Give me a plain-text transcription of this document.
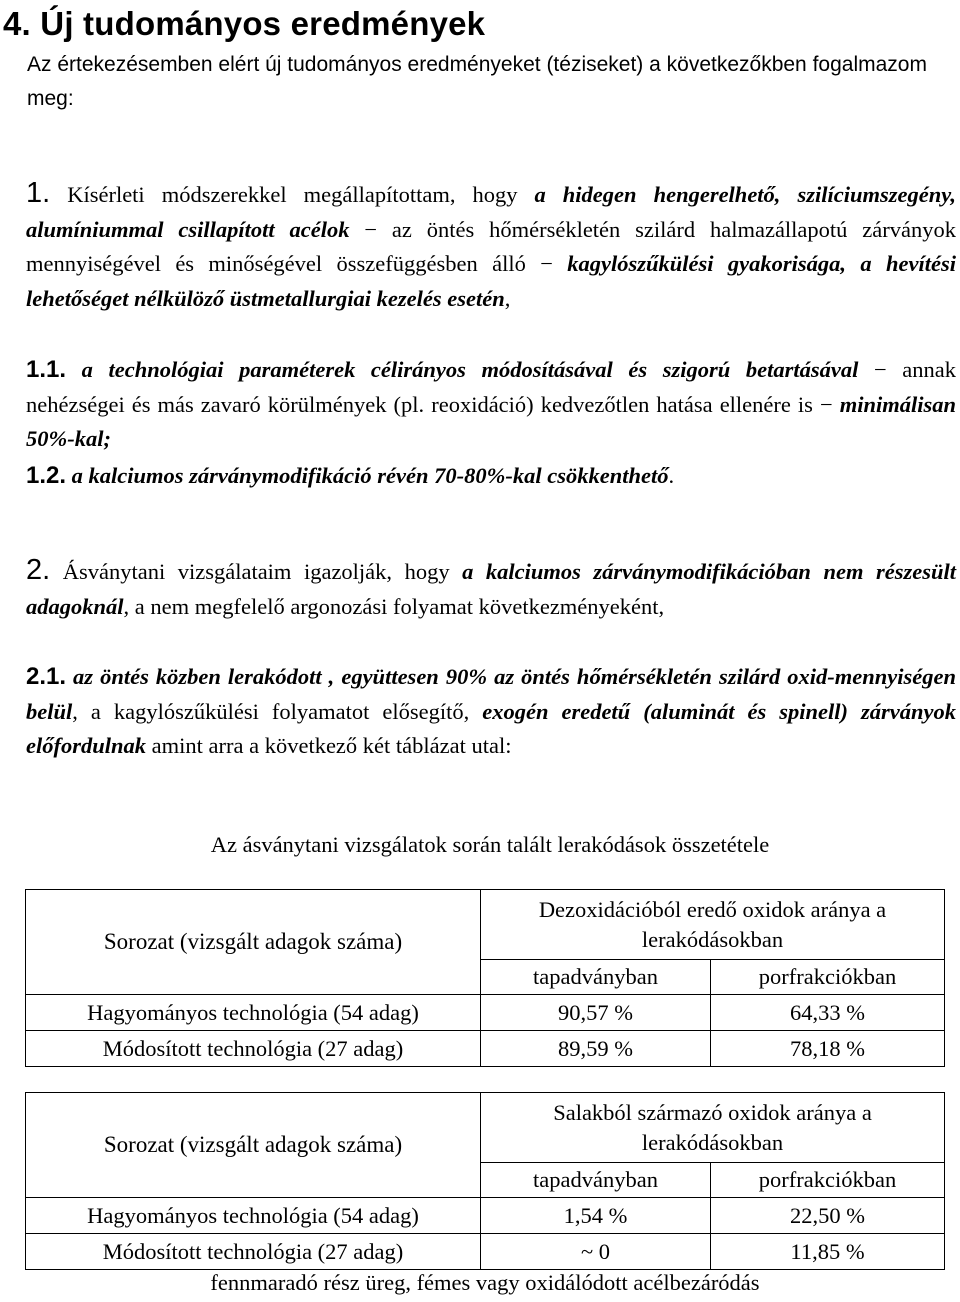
4. Új tudományos eredmények

Az értekezésemben elért új tudományos eredményeket (téziseket) a következőkben fogalmazom meg:

1. Kísérleti módszerekkel megállapítottam, hogy a hidegen hengerelhető, szilíciumszegény, alumíniummal csillapított acélok − az öntés hőmérsékletén szilárd halmazállapotú zárványok mennyiségével és minőségével összefüggésben álló − kagylószűkülési gyakorisága, a hevítési lehetőséget nélkülöző üstmetallurgiai kezelés esetén,

1.1. a technológiai paraméterek célirányos módosításával és szigorú betartásával − annak nehézségei és más zavaró körülmények (pl. reoxidáció) kedvezőtlen hatása ellenére is − minimálisan 50%-kal;

1.2. a kalciumos zárványmodifikáció révén 70-80%-kal csökkenthető.

2. Ásványtani vizsgálataim igazolják, hogy a kalciumos zárványmodifikációban nem részesült adagoknál, a nem megfelelő argonozási folyamat következményeként,

2.1. az öntés közben lerakódott , együttesen 90% az öntés hőmérsékletén szilárd oxid-mennyiségen belül, a kagylószűkülési folyamatot elősegítő, exogén eredetű (aluminát és spinell) zárványok előfordulnak amint arra a következő két táblázat utal:

Az ásványtani vizsgálatok során talált lerakódások összetétele

Sorozat (vizsgált adagok száma)	Dezoxidációból eredő oxidok aránya a lerakódásokban	
	tapadványban	porfrakciókban
Hagyományos technológia (54 adag)	90,57 %	64,33 %
Módosított technológia (27 adag)	89,59 %	78,18 %
Sorozat (vizsgált adagok száma)	Salakból származó oxidok aránya a lerakódásokban	
	tapadványban	porfrakciókban
Hagyományos technológia (54 adag)	1,54 %	22,50 %
Módosított technológia (27 adag)	~ 0	11,85 %

fennmaradó rész üreg, fémes vagy oxidálódott acélbezáródás
